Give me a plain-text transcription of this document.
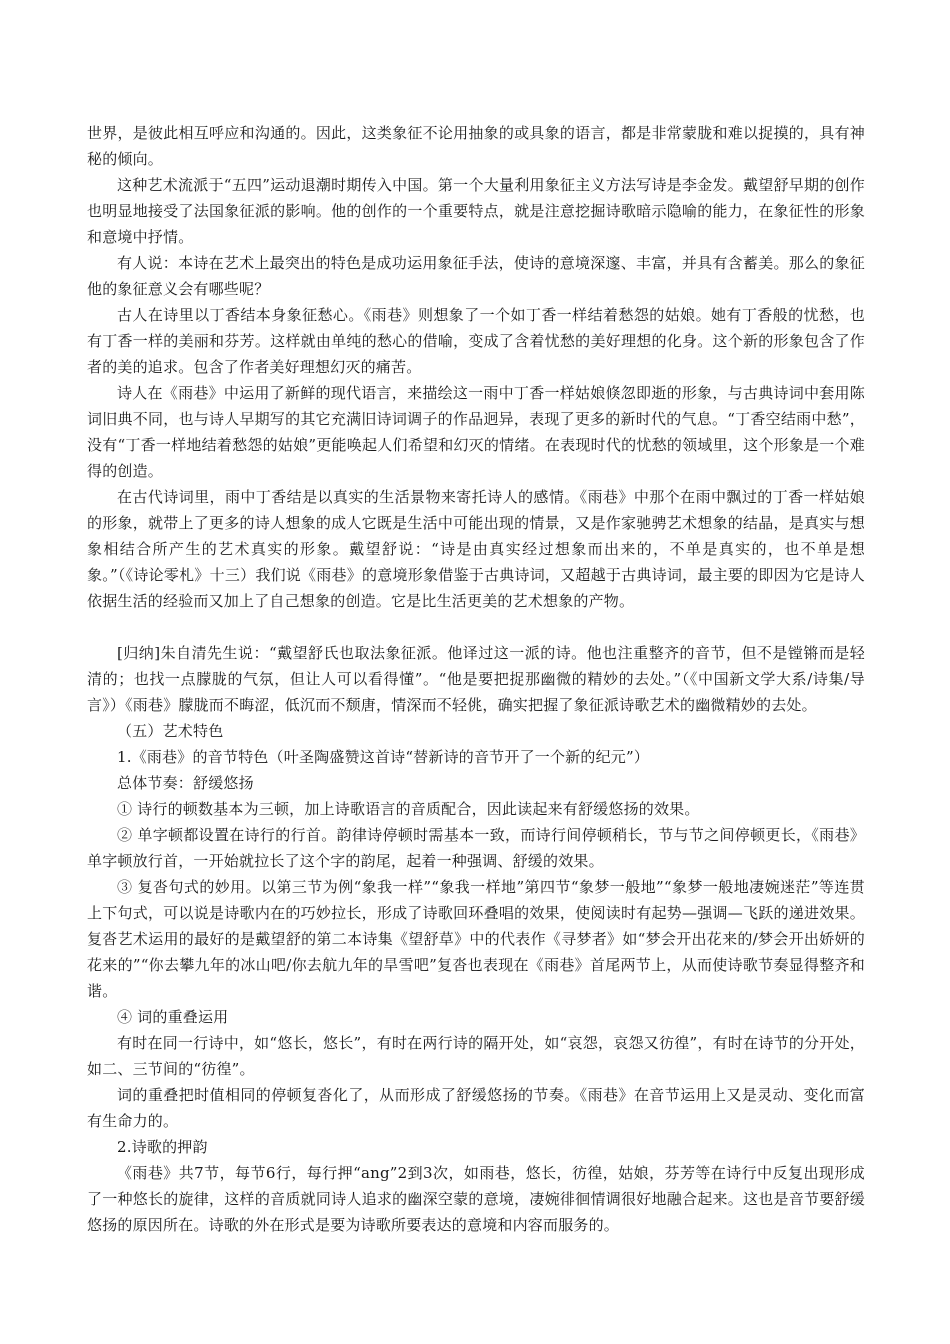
世界，是彼此相互呼应和沟通的。因此，这类象征不论用抽象的或具象的语言，都是非常蒙胧和难以捉摸的，具有神秘的倾向。

这种艺术流派于“五四”运动退潮时期传入中国。第一个大量利用象征主义方法写诗是李金发。戴望舒早期的创作也明显地接受了法国象征派的影响。他的创作的一个重要特点，就是注意挖掘诗歌暗示隐喻的能力，在象征性的形象和意境中抒情。

有人说：本诗在艺术上最突出的特色是成功运用象征手法，使诗的意境深邃、丰富，并具有含蓄美。那么的象征他的象征意义会有哪些呢？

古人在诗里以丁香结本身象征愁心。《雨巷》则想象了一个如丁香一样结着愁怨的姑娘。她有丁香般的忧愁，也有丁香一样的美丽和芬芳。这样就由单纯的愁心的借喻，变成了含着忧愁的美好理想的化身。这个新的形象包含了作者的美的追求。包含了作者美好理想幻灭的痛苦。

诗人在《雨巷》中运用了新鲜的现代语言，来描绘这一雨中丁香一样姑娘倏忽即逝的形象，与古典诗词中套用陈词旧典不同，也与诗人早期写的其它充满旧诗词调子的作品迥异，表现了更多的新时代的气息。“丁香空结雨中愁”，没有“丁香一样地结着愁怨的姑娘”更能唤起人们希望和幻灭的情绪。在表现时代的忧愁的领域里，这个形象是一个难得的创造。

在古代诗词里，雨中丁香结是以真实的生活景物来寄托诗人的感情。《雨巷》中那个在雨中飘过的丁香一样姑娘的形象，就带上了更多的诗人想象的成人它既是生活中可能出现的情景，又是作家驰骋艺术想象的结晶，是真实与想象相结合所产生的艺术真实的形象。戴望舒说：“诗是由真实经过想象而出来的，不单是真实的，也不单是想象。”（《诗论零札》十三）我们说《雨巷》的意境形象借鉴于古典诗词，又超越于古典诗词，最主要的即因为它是诗人依据生活的经验而又加上了自己想象的创造。它是比生活更美的艺术想象的产物。

[归纳]朱自清先生说：“戴望舒氏也取法象征派。他译过这一派的诗。他也注重整齐的音节，但不是镗锵而是轻清的；也找一点朦胧的气氛，但让人可以看得懂”。“他是要把捉那幽微的精妙的去处。”（《中国新文学大系/诗集/导言》）《雨巷》朦胧而不晦涩，低沉而不颓唐，情深而不轻佻，确实把握了象征派诗歌艺术的幽微精妙的去处。

（五）艺术特色

1.《雨巷》的音节特色（叶圣陶盛赞这首诗“替新诗的音节开了一个新的纪元”）

总体节奏：舒缓悠扬

① 诗行的顿数基本为三顿，加上诗歌语言的音质配合，因此读起来有舒缓悠扬的效果。

② 单字顿都设置在诗行的行首。韵律诗停顿时需基本一致，而诗行间停顿稍长，节与节之间停顿更长，《雨巷》单字顿放行首，一开始就拉长了这个字的韵尾，起着一种强调、舒缓的效果。

③ 复沓句式的妙用。以第三节为例“象我一样”“象我一样地”第四节“象梦一般地”“象梦一般地凄婉迷茫”等连贯上下句式，可以说是诗歌内在的巧妙拉长，形成了诗歌回环叠唱的效果，使阅读时有起势—强调—飞跃的递进效果。复沓艺术运用的最好的是戴望舒的第二本诗集《望舒草》中的代表作《寻梦者》如“梦会开出花来的/梦会开出娇妍的花来的”“你去攀九年的冰山吧/你去航九年的旱雪吧”复沓也表现在《雨巷》首尾两节上，从而使诗歌节奏显得整齐和谐。

④ 词的重叠运用

有时在同一行诗中，如“悠长，悠长”，有时在两行诗的隔开处，如“哀怨，哀怨又彷徨”，有时在诗节的分开处，如二、三节间的“彷徨”。

词的重叠把时值相同的停顿复沓化了，从而形成了舒缓悠扬的节奏。《雨巷》在音节运用上又是灵动、变化而富有生命力的。

2.诗歌的押韵

《雨巷》共7节，每节6行，每行押“ang”2到3次，如雨巷，悠长，彷徨，姑娘，芬芳等在诗行中反复出现形成了一种悠长的旋律，这样的音质就同诗人追求的幽深空蒙的意境，凄婉徘徊情调很好地融合起来。这也是音节要舒缓悠扬的原因所在。诗歌的外在形式是要为诗歌所要表达的意境和内容而服务的。
